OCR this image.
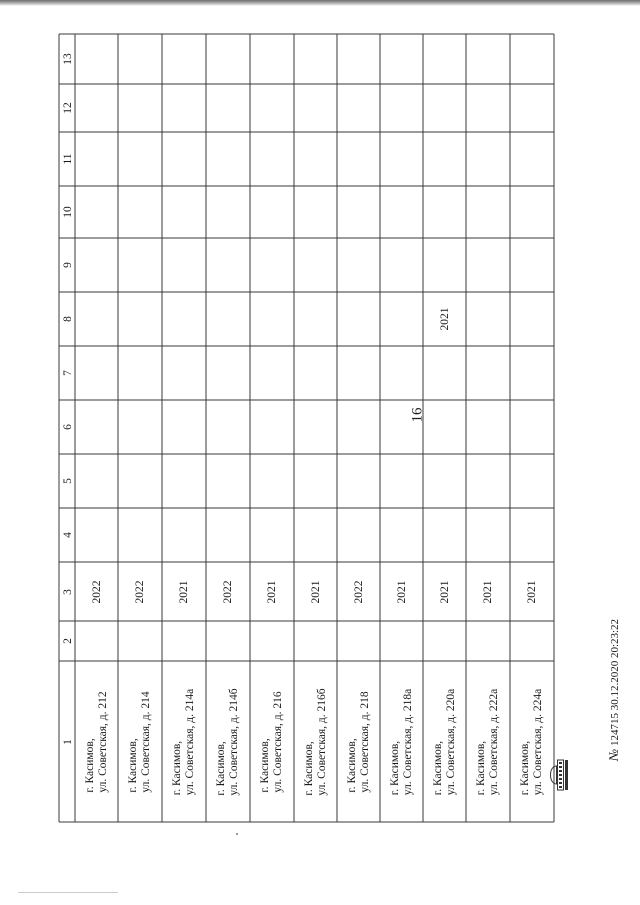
16
1
2
3
4
5
6
7
8
9
10
11
12
13
г. Касимов, ул. Советская, д. 212
2022
г. Касимов, ул. Советская, д. 214
2022
г. Касимов, ул. Советская, д. 214а
2021
г. Касимов, ул. Советская, д. 214б
2022
г. Касимов, ул. Советская, д. 216
2021
г. Касимов, ул. Советская, д. 216б
2021
г. Касимов, ул. Советская, д. 218
2022
г. Касимов, ул. Советская, д. 218а
2021
г. Касимов, ул. Советская, д. 220а
2021
2021
г. Касимов, ул. Советская, д. 222а
2021
г. Касимов, ул. Советская, д. 224а
2021
№ 124715 30.12.2020 20:23:22
